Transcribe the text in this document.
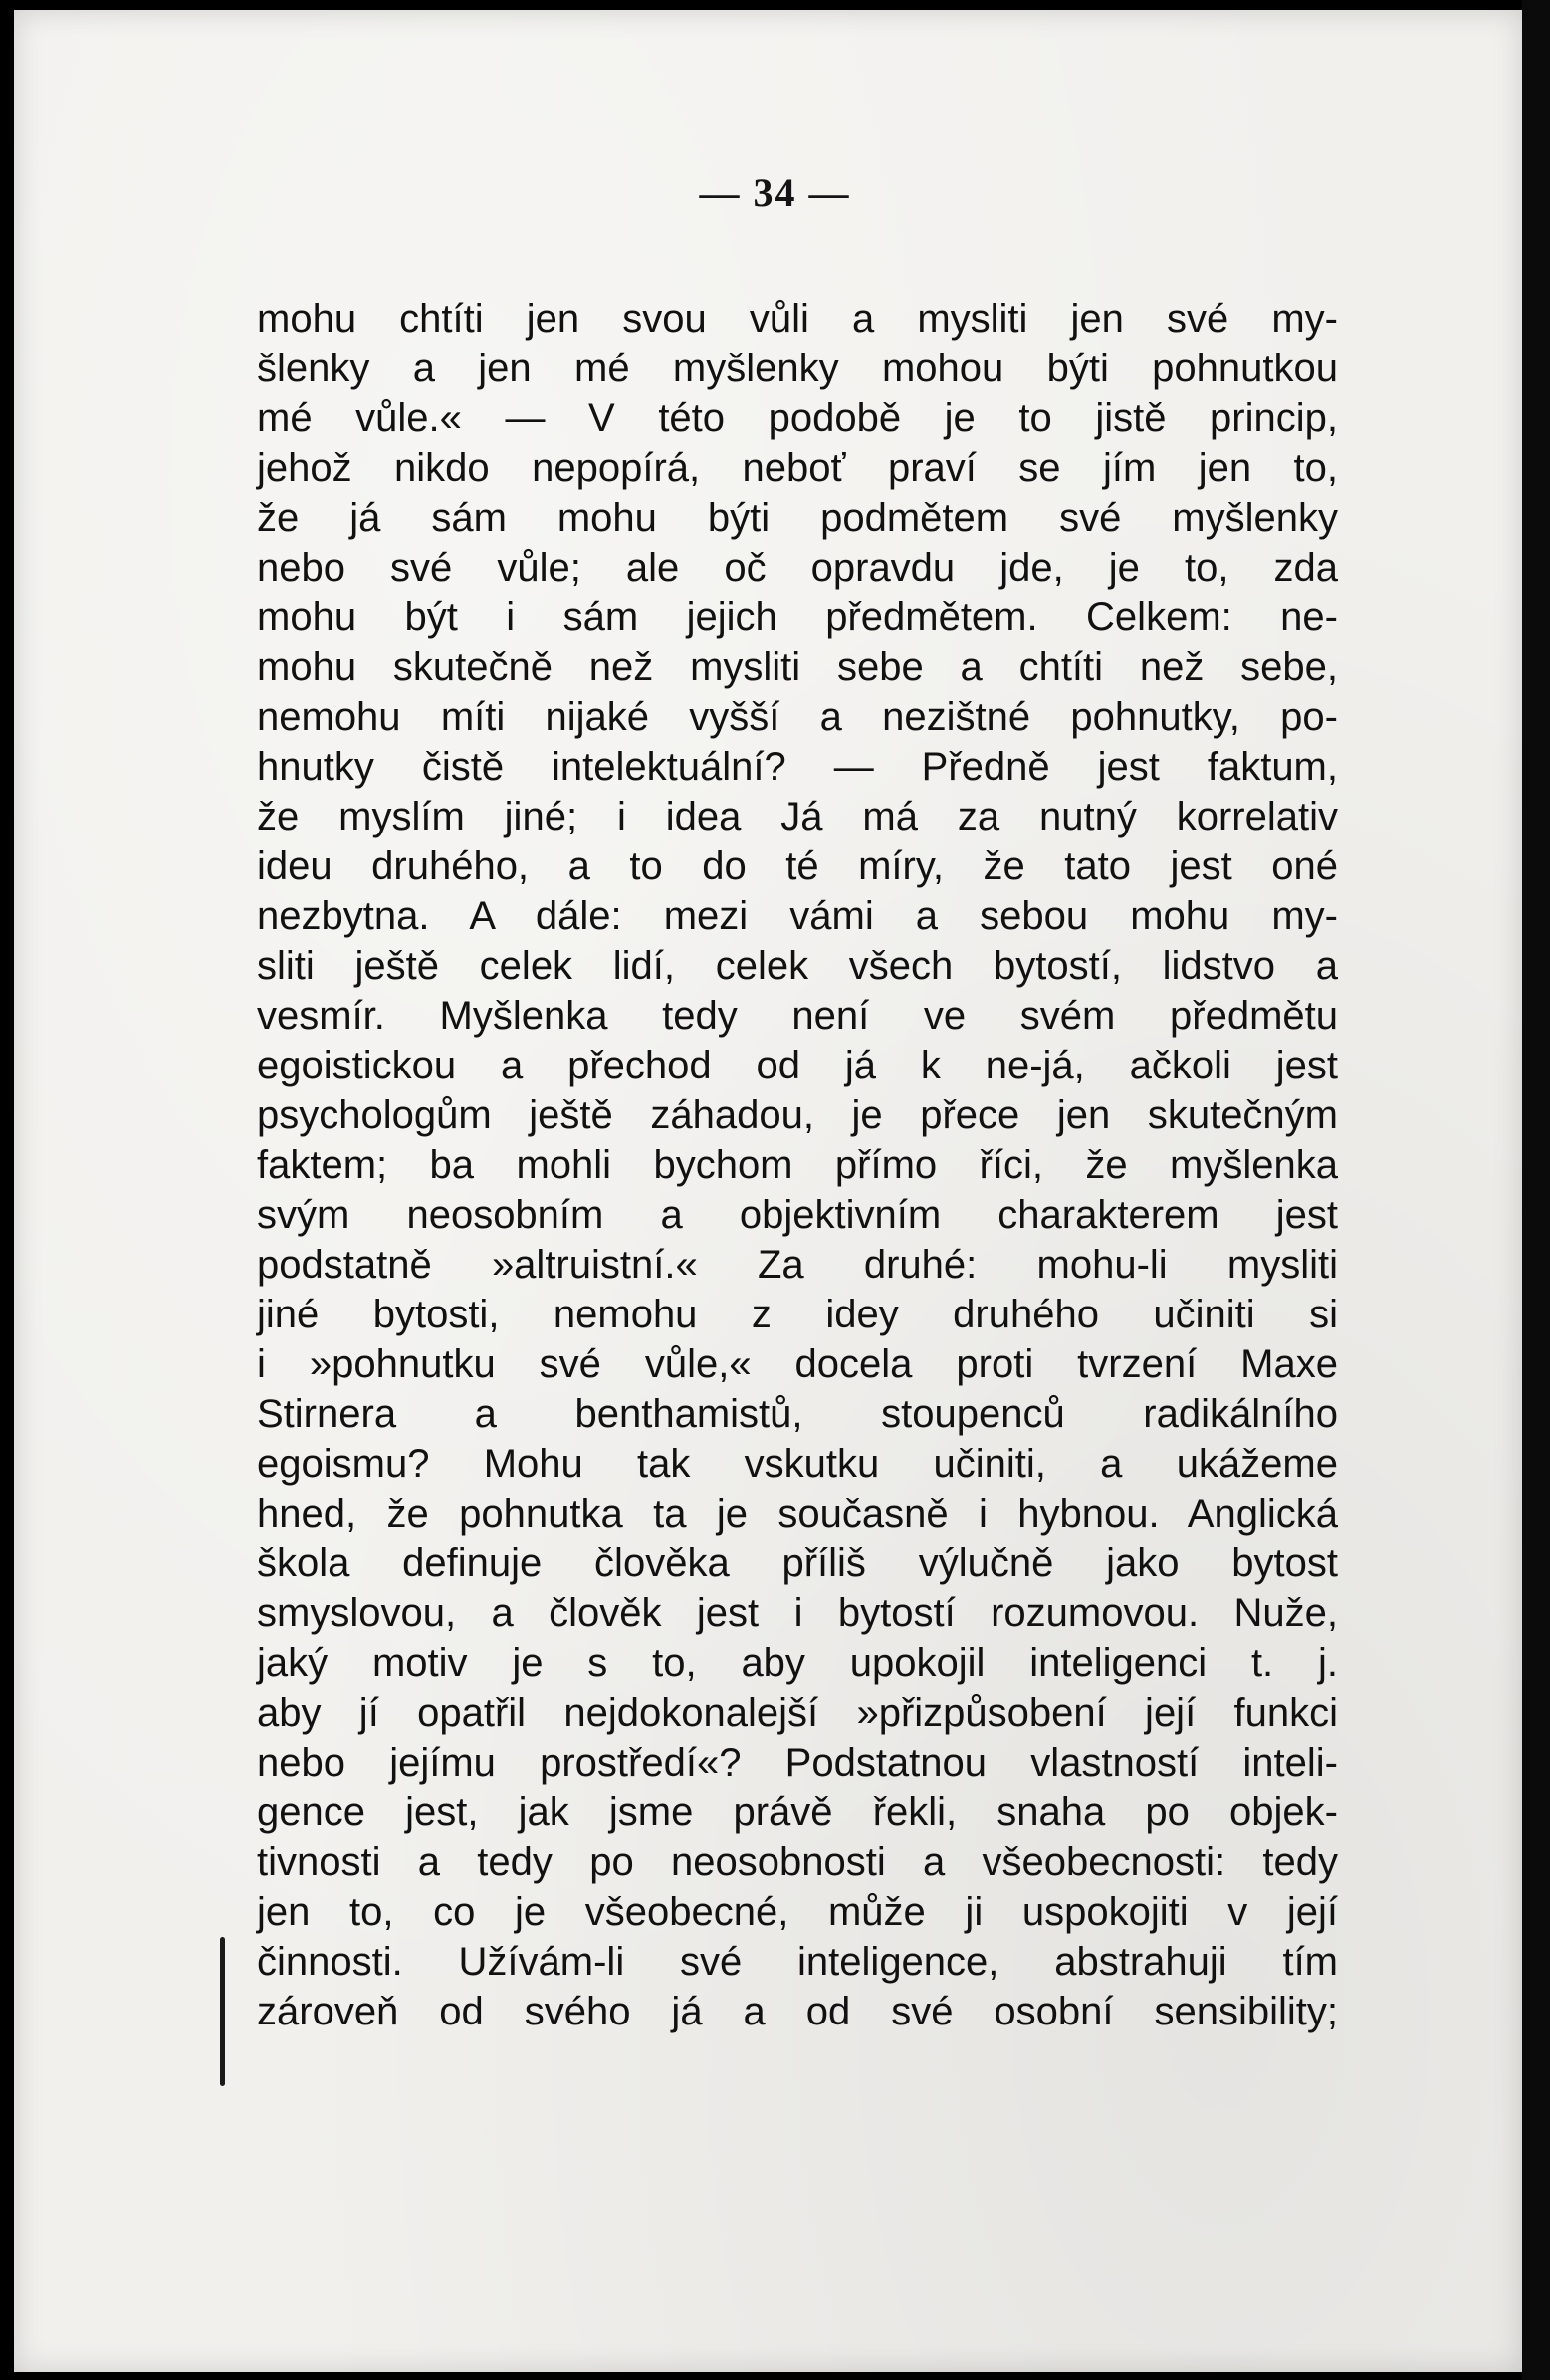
— 34 —
mohu chtíti jen svou vůli a mysliti jen své my-
šlenky a jen mé myšlenky mohou býti pohnutkou
mé vůle.« — V této podobě je to jistě princip,
jehož nikdo nepopírá, neboť praví se jím jen to,
že já sám mohu býti podmětem své myšlenky
nebo své vůle; ale oč opravdu jde, je to, zda
mohu být i sám jejich předmětem. Celkem: ne-
mohu skutečně než mysliti sebe a chtíti než sebe,
nemohu míti nijaké vyšší a nezištné pohnutky, po-
hnutky čistě intelektuální? — Předně jest faktum,
že myslím jiné; i idea Já má za nutný korrelativ
ideu druhého, a to do té míry, že tato jest oné
nezbytna. A dále: mezi vámi a sebou mohu my-
sliti ještě celek lidí, celek všech bytostí, lidstvo a
vesmír. Myšlenka tedy není ve svém předmětu
egoistickou a přechod od já k ne-já, ačkoli jest
psychologům ještě záhadou, je přece jen skutečným
faktem; ba mohli bychom přímo říci, že myšlenka
svým neosobním a objektivním charakterem jest
podstatně »altruistní.« Za druhé: mohu-li mysliti
jiné bytosti, nemohu z idey druhého učiniti si
i »pohnutku své vůle,« docela proti tvrzení Maxe
Stirnera a benthamistů, stoupenců radikálního
egoismu? Mohu tak vskutku učiniti, a ukážeme
hned, že pohnutka ta je současně i hybnou. Anglická
škola definuje člověka příliš výlučně jako bytost
smyslovou, a člověk jest i bytostí rozumovou. Nuže,
jaký motiv je s to, aby upokojil inteligenci t. j.
aby jí opatřil nejdokonalejší »přizpůsobení její funkci
nebo jejímu prostředí«? Podstatnou vlastností inteli-
gence jest, jak jsme právě řekli, snaha po objek-
tivnosti a tedy po neosobnosti a všeobecnosti: tedy
jen to, co je všeobecné, může ji uspokojiti v její
činnosti. Užívám-li své inteligence, abstrahuji tím
zároveň od svého já a od své osobní sensibility;
